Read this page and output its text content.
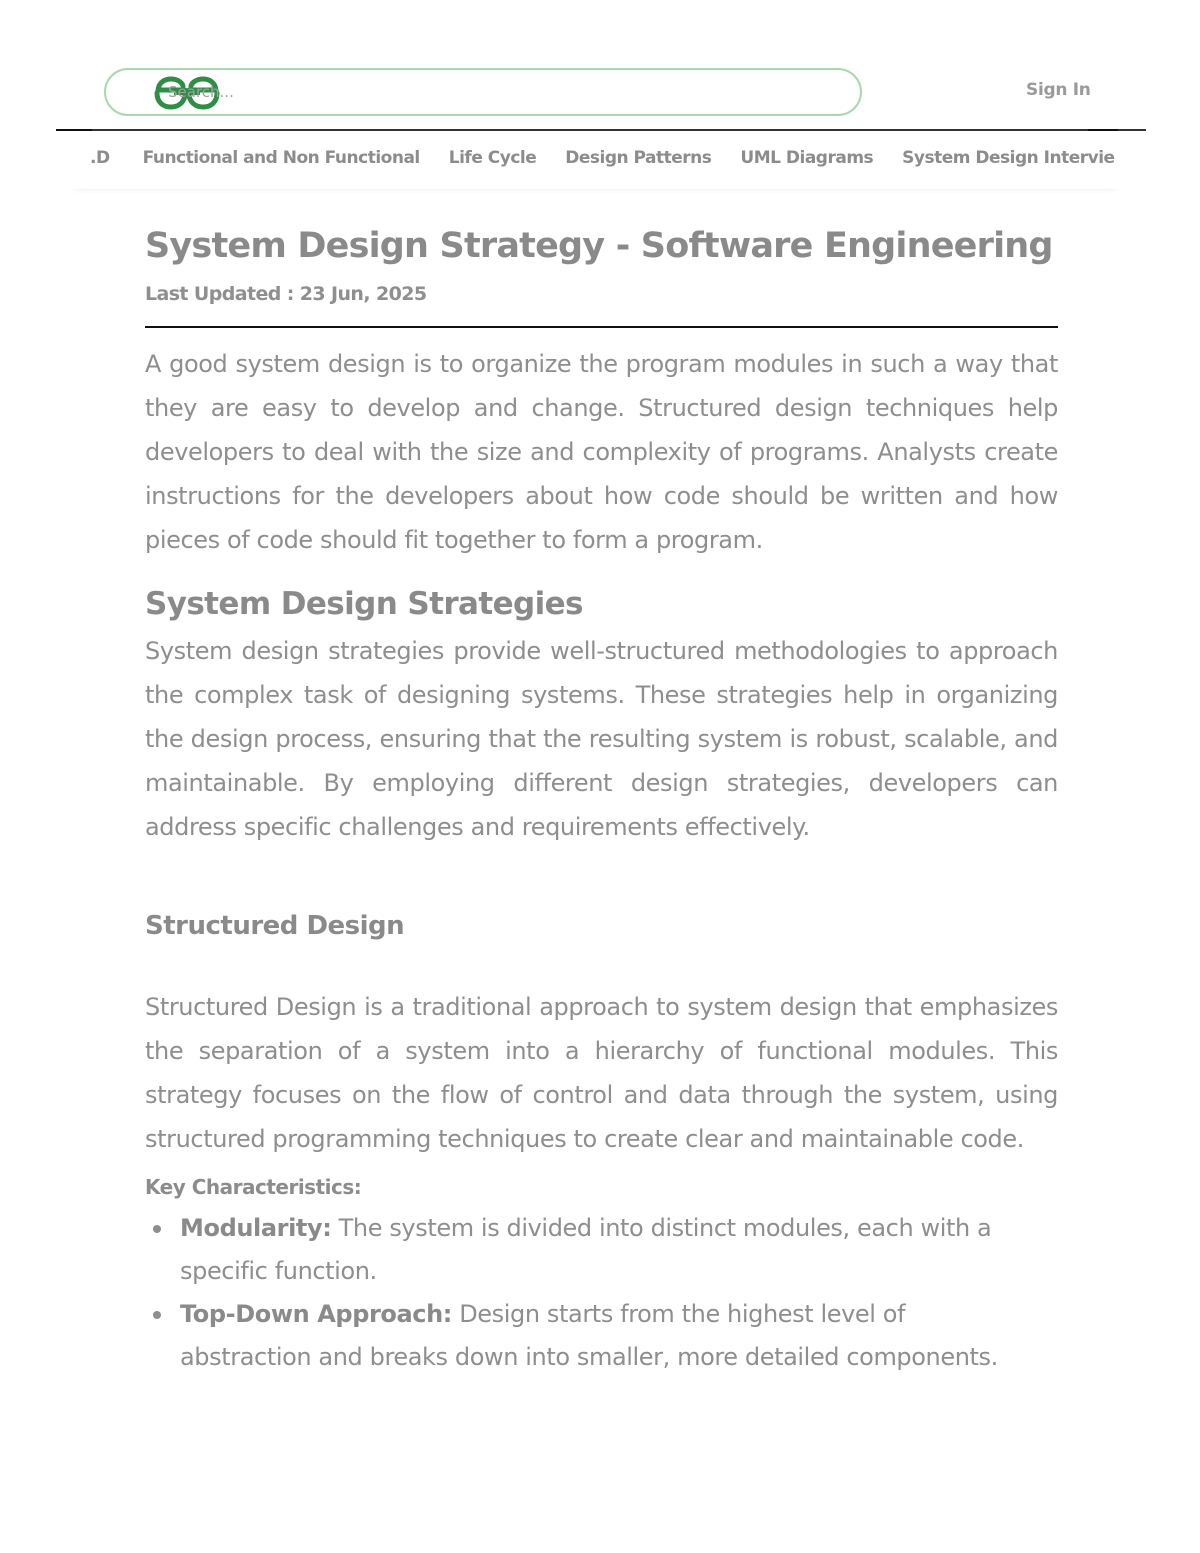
Search...
Sign In
.D Functional and Non Functional Life Cycle Design Patterns UML Diagrams System Design Intervie
System Design Strategy - Software Engineering
Last Updated : 23 Jun, 2025

A good system design is to organize the program modules in such a way that they are easy to develop and change. Structured design techniques help developers to deal with the size and complexity of programs. Analysts create instructions for the developers about how code should be written and how pieces of code should fit together to form a program.

System Design Strategies

System design strategies provide well-structured methodologies to approach the complex task of designing systems. These strategies help in organizing the design process, ensuring that the resulting system is robust, scalable, and maintainable. By employing different design strategies, developers can address specific challenges and requirements effectively.

Structured Design

Structured Design is a traditional approach to system design that emphasizes the separation of a system into a hierarchy of functional modules. This strategy focuses on the flow of control and data through the system, using structured programming techniques to create clear and maintainable code.

Key Characteristics:
Modularity: The system is divided into distinct modules, each with a specific function.
Top-Down Approach: Design starts from the highest level of abstraction and breaks down into smaller, more detailed components.
